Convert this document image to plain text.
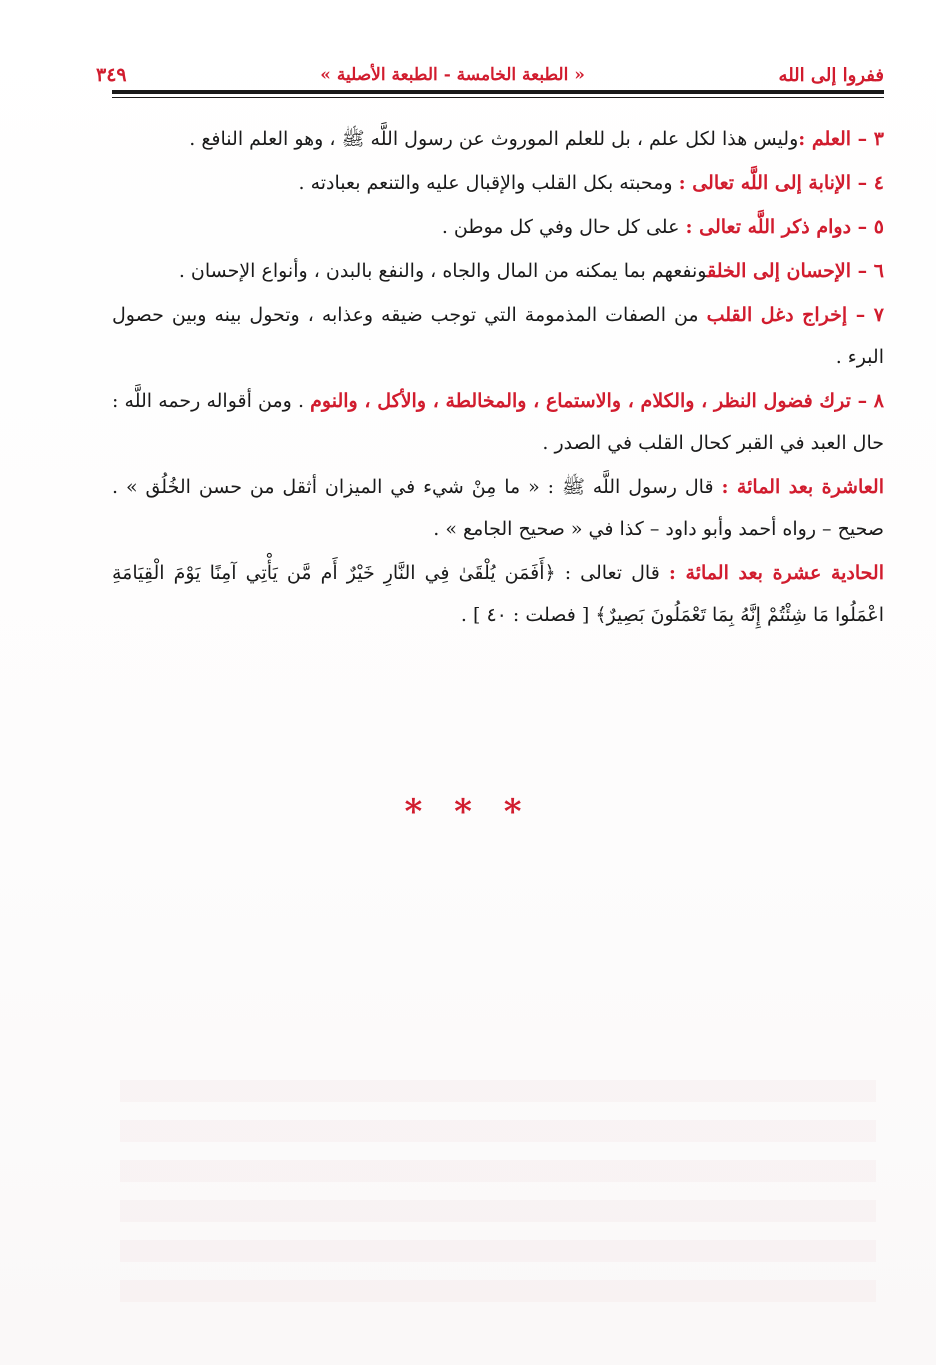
ففروا إلى الله
« الطبعة الخامسة - الطبعة الأصلية »
٣٤٩

٣ – العلم :وليس هذا لكل علم ، بل للعلم الموروث عن رسول اللَّه ﷺ ، وهو العلم النافع .

٤ – الإنابة إلى اللَّه تعالى : ومحبته بكل القلب والإقبال عليه والتنعم بعبادته .

٥ – دوام ذكر اللَّه تعالى : على كل حال وفي كل موطن .

٦ – الإحسان إلى الخلقونفعهم بما يمكنه من المال والجاه ، والنفع بالبدن ، وأنواع الإحسان .

٧ – إخراج دغل القلب من الصفات المذمومة التي توجب ضيقه وعذابه ، وتحول بينه وبين حصول البرء .

٨ – ترك فضول النظر ، والكلام ، والاستماع ، والمخالطة ، والأكل ، والنوم . ومن أقواله رحمه اللَّه : حال العبد في القبر كحال القلب في الصدر .

العاشرة بعد المائة : قال رسول اللَّه ﷺ : « ما مِنْ شيء في الميزان أثقل من حسن الخُلُق » . صحيح – رواه أحمد وأبو داود – كذا في « صحيح الجامع » .

الحادية عشرة بعد المائة : قال تعالى : ﴿أَفَمَن يُلْقَىٰ فِي النَّارِ خَيْرٌ أَم مَّن يَأْتِي آمِنًا يَوْمَ الْقِيَامَةِ اعْمَلُوا مَا شِئْتُمْ إِنَّهُ بِمَا تَعْمَلُونَ بَصِيرٌ﴾ [ فصلت : ٤٠ ] .

* * *
